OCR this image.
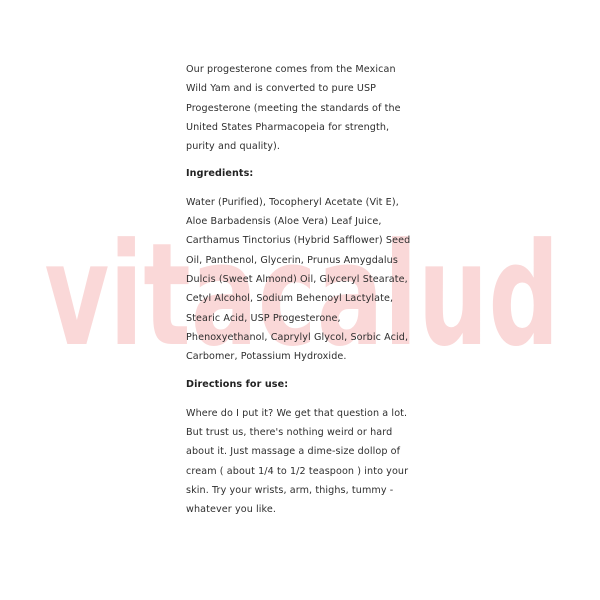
vitacalud

Our progesterone comes from the Mexican
Wild Yam and is converted to pure USP
Progesterone (meeting the standards of the
United States Pharmacopeia for strength,
purity and quality).

Ingredients:

Water (Purified), Tocopheryl Acetate (Vit E),
Aloe Barbadensis (Aloe Vera) Leaf Juice,
Carthamus Tinctorius (Hybrid Safflower) Seed
Oil, Panthenol, Glycerin, Prunus Amygdalus
Dulcis (Sweet Almond) Oil, Glyceryl Stearate,
Cetyl Alcohol, Sodium Behenoyl Lactylate,
Stearic Acid, USP Progesterone,
Phenoxyethanol, Caprylyl Glycol, Sorbic Acid,
Carbomer, Potassium Hydroxide.

Directions for use:

Where do I put it? We get that question a lot.
But trust us, there's nothing weird or hard
about it. Just massage a dime-size dollop of
cream ( about 1/4 to 1/2 teaspoon ) into your
skin. Try your wrists, arm, thighs, tummy -
whatever you like.
